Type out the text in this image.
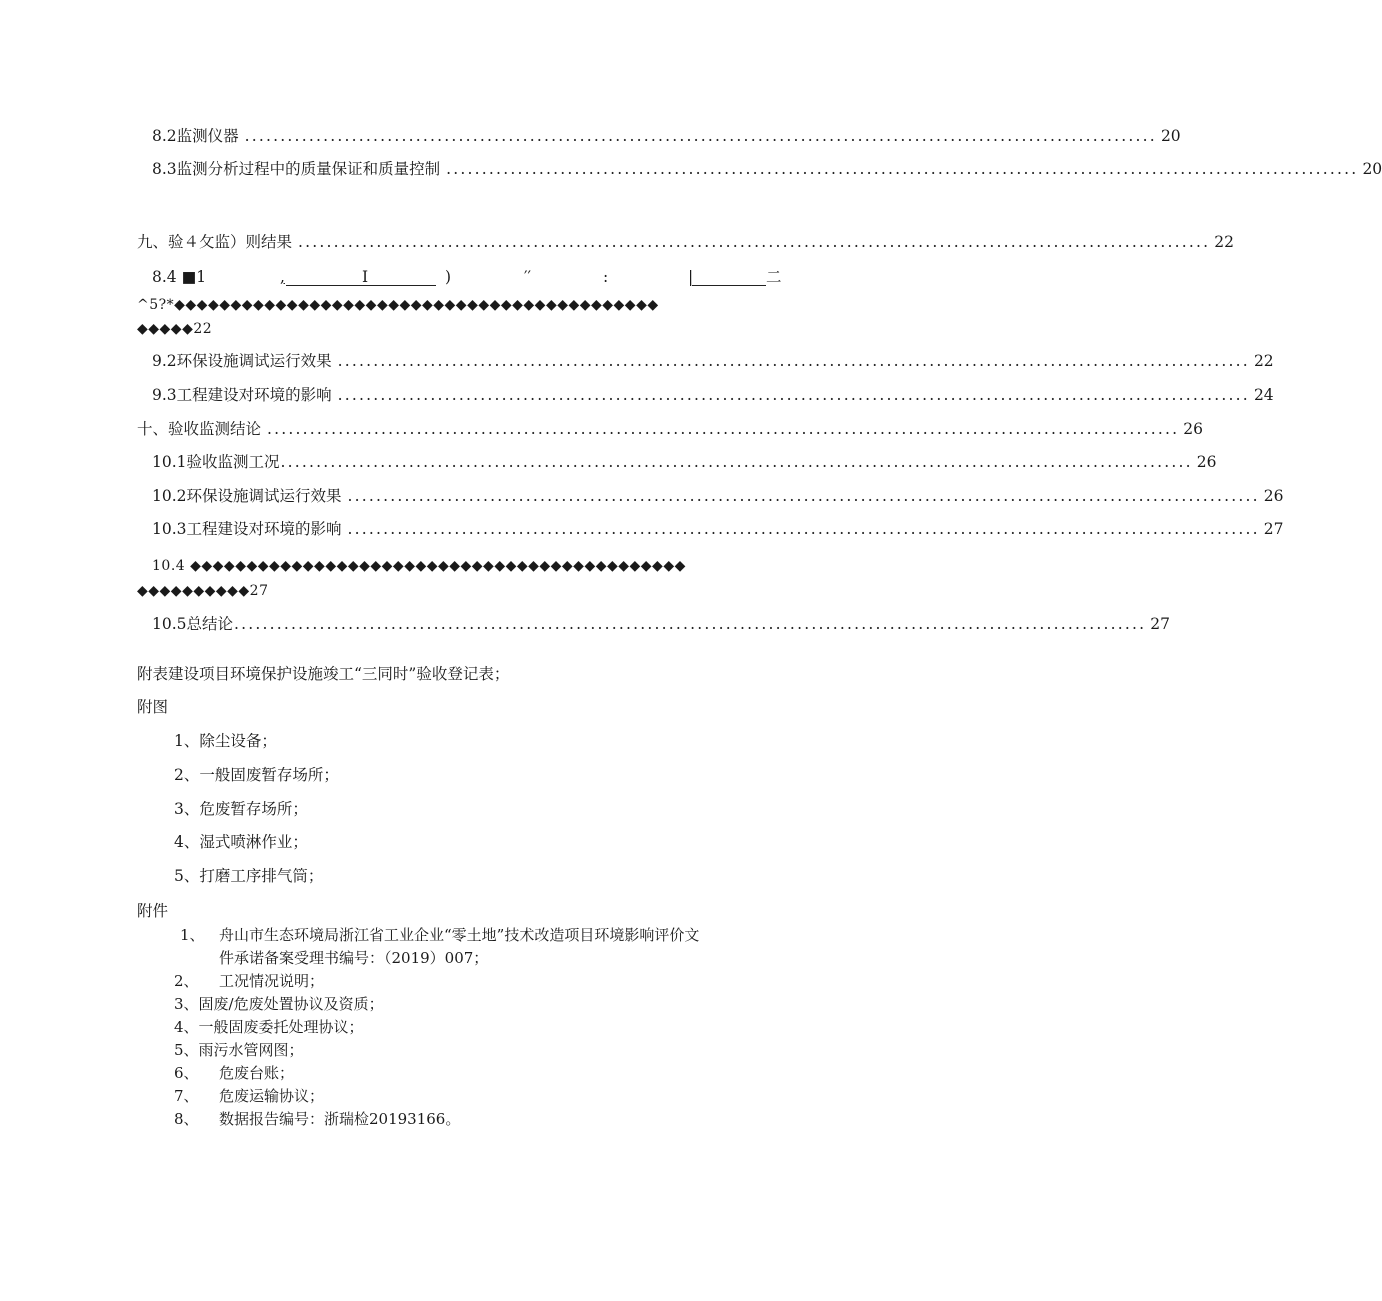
8.2 监测仪器 ................................................................................................................................ 20
8.3 监测分析过程中的质量保证和质量控制 ................................................................................................................................ 20
九、验４攵监）则结果 ................................................................................................................................ 22
8.4 ■1	,	I	)	′′	:	|	二
^5?*◆◆◆◆◆◆◆◆◆◆◆◆◆◆◆◆◆◆◆◆◆◆◆◆◆◆◆◆◆◆◆◆◆◆◆◆◆◆◆◆◆◆◆
◆◆◆◆◆22
9.2 环保设施调试运行效果 ................................................................................................................................ 22
9.3 工程建设对环境的影响 ................................................................................................................................ 24
十、验收监测结论 ................................................................................................................................ 26
10.1 验收监测工况 ................................................................................................................................ 26
10.2 环保设施调试运行效果 ................................................................................................................................ 26
10.3 工程建设对环境的影响 ................................................................................................................................ 27
10.4 ◆◆◆◆◆◆◆◆◆◆◆◆◆◆◆◆◆◆◆◆◆◆◆◆◆◆◆◆◆◆◆◆◆◆◆◆◆◆◆◆◆◆◆◆
◆◆◆◆◆◆◆◆◆◆27
10.5 总结论 ................................................................................................................................ 27
附表建设项目环境保护设施竣工“三同时”验收登记表；
附图
1、除尘设备；
2、一般固废暂存场所；
3、危废暂存场所；
4、湿式喷淋作业；
5、打磨工序排气筒；
附件
1、 舟山市生态环境局浙江省工业企业“零土地”技术改造项目环境影响评价文
件承诺备案受理书编号：（2019）007；
2、 工况情况说明；
3、固废/危废处置协议及资质；
4、一般固废委托处理协议；
5、雨污水管网图；
6、 危废台账；
7、 危废运输协议；
8、 数据报告编号：浙瑞检20193166。
